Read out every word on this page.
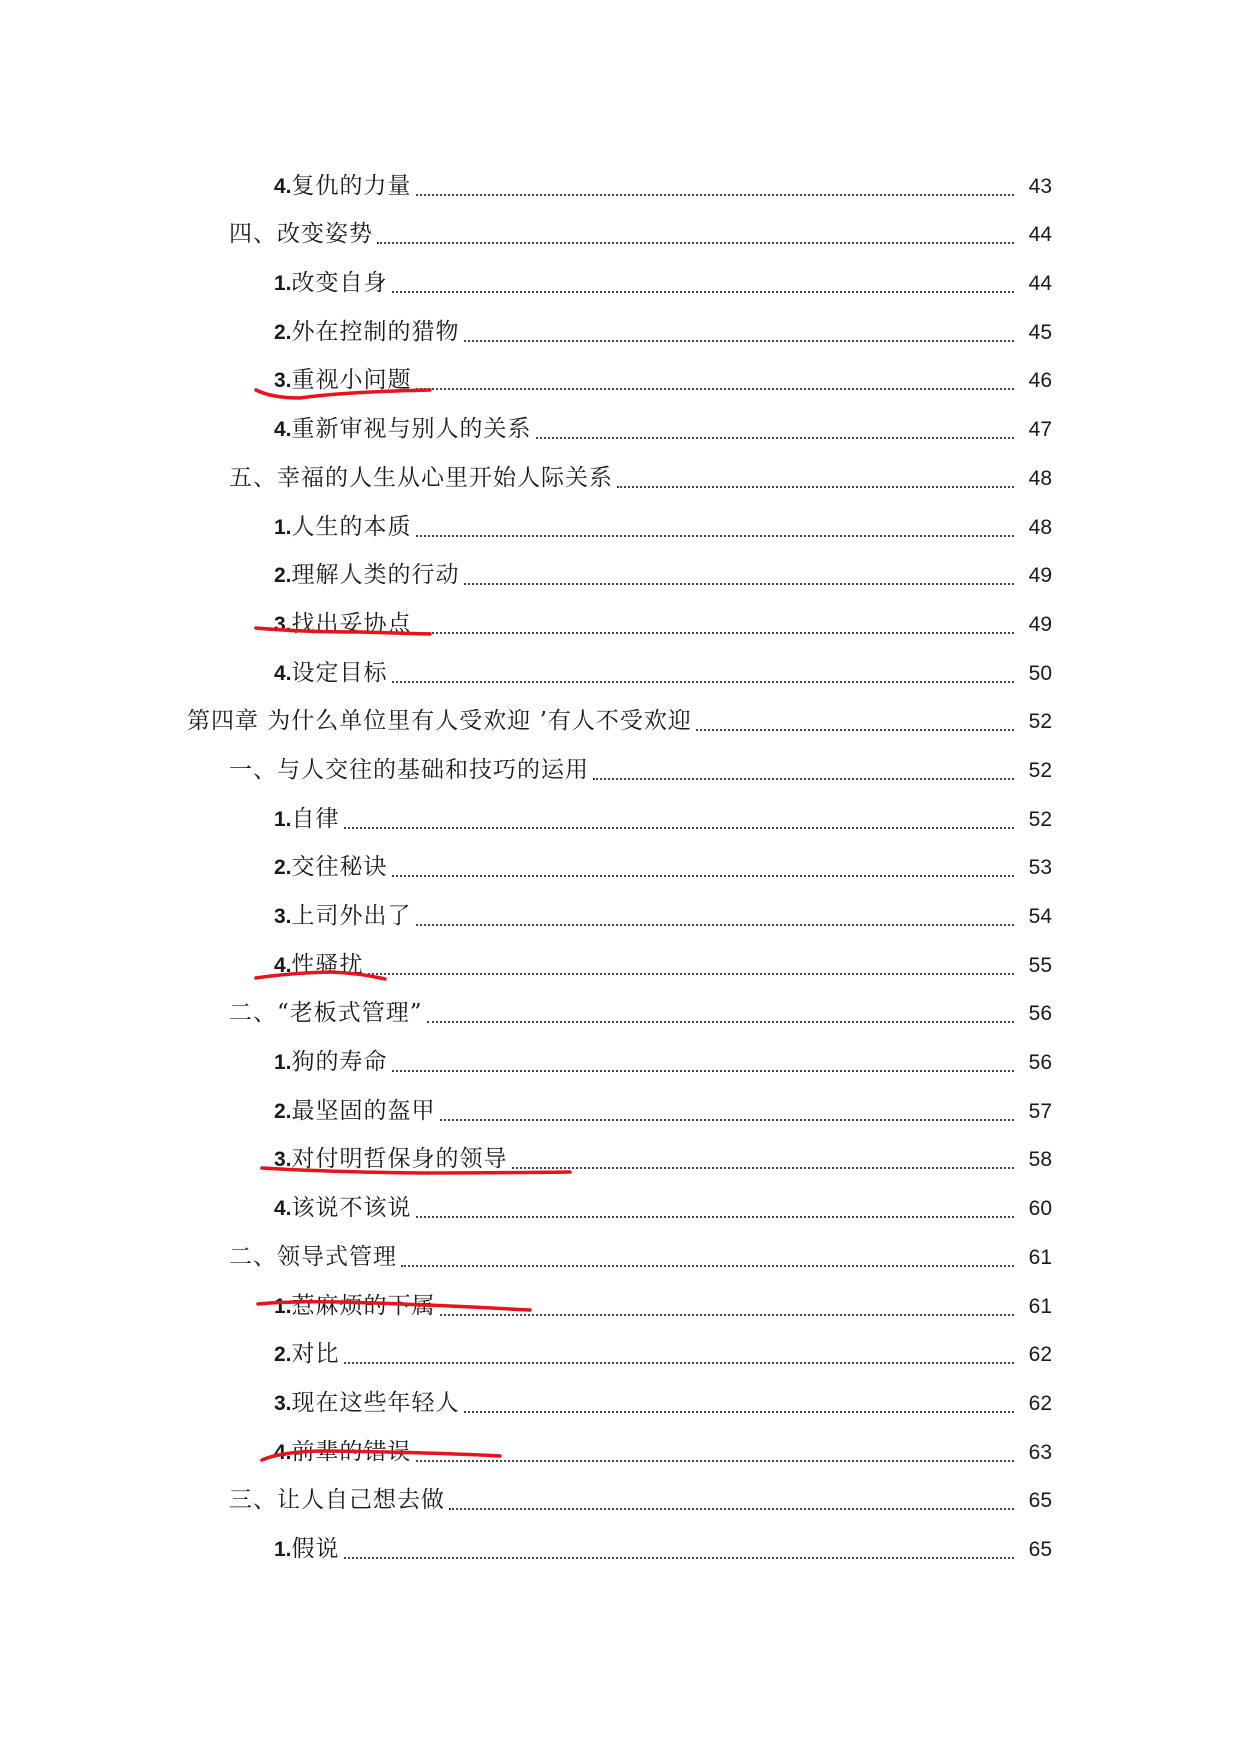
4.复仇的力量	43
四、改变姿势	44
1.改变自身	44
2.外在控制的猎物	45
3.重视小问题	46
4.重新审视与别人的关系	47
五、幸福的人生从心里开始人际关系	48
1.人生的本质	48
2.理解人类的行动	49
3.找出妥协点	49
4.设定目标	50
第四章 为什么单位里有人受欢迎 ’有人不受欢迎	52
一、与人交往的基础和技巧的运用	52
1.自律	52
2.交往秘诀	53
3.上司外出了	54
4.性骚扰	55
二、“老板式管理”	56
1.狗的寿命	56
2.最坚固的盔甲	57
3.对付明哲保身的领导	58
4.该说不该说	60
二、领导式管理	61
1.惹麻烦的下属	61
2.对比	62
3.现在这些年轻人	62
4.前辈的错误	63
三、让人自己想去做	65
1.假说	65
